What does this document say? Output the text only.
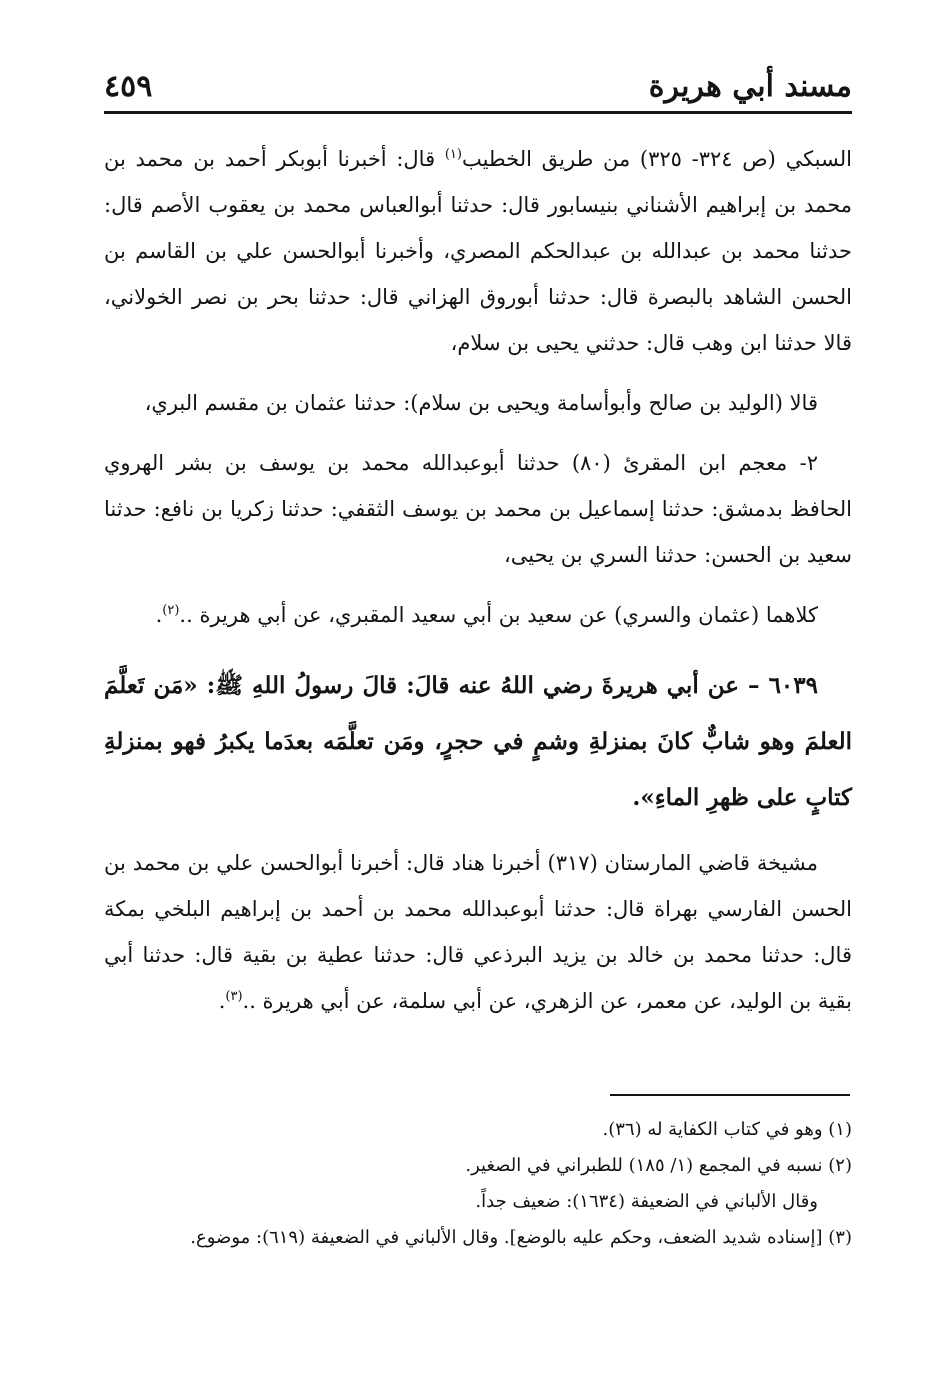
مسند أبي هريرة
٤٥٩

السبكي (ص ٣٢٤- ٣٢٥) من طريق الخطيب$^{(١)}$ قال: أخبرنا أبوبكر أحمد بن محمد بن محمد بن إبراهيم الأشناني بنيسابور قال: حدثنا أبوالعباس محمد بن يعقوب الأصم قال: حدثنا محمد بن عبدالله بن عبدالحكم المصري، وأخبرنا أبوالحسن علي بن القاسم بن الحسن الشاهد بالبصرة قال: حدثنا أبوروق الهزاني قال: حدثنا بحر بن نصر الخولاني، قالا حدثنا ابن وهب قال: حدثني يحيى بن سلام،

قالا (الوليد بن صالح وأبوأسامة ويحيى بن سلام): حدثنا عثمان بن مقسم البري،

٢- معجم ابن المقرئ (٨٠) حدثنا أبوعبدالله محمد بن يوسف بن بشر الهروي الحافظ بدمشق: حدثنا إسماعيل بن محمد بن يوسف الثقفي: حدثنا زكريا بن نافع: حدثنا سعيد بن الحسن: حدثنا السري بن يحيى،

كلاهما (عثمان والسري) عن سعيد بن أبي سعيد المقبري، عن أبي هريرة ..$^{(٢)}$.

٦٠٣٩ – عن أبي هريرةَ رضي اللهُ عنه قالَ: قالَ رسولُ اللهِ ﷺ: «مَن تَعلَّمَ العلمَ وهو شابٌّ كانَ بمنزلةِ وشمٍ في حجرٍ، ومَن تعلَّمَه بعدَما يكبرُ فهو بمنزلةِ كتابٍ على ظهرِ الماءِ».

مشيخة قاضي المارستان (٣١٧) أخبرنا هناد قال: أخبرنا أبوالحسن علي بن محمد بن الحسن الفارسي بهراة قال: حدثنا أبوعبدالله محمد بن أحمد بن إبراهيم البلخي بمكة قال: حدثنا محمد بن خالد بن يزيد البرذعي قال: حدثنا عطية بن بقية قال: حدثنا أبي بقية بن الوليد، عن معمر، عن الزهري، عن أبي سلمة، عن أبي هريرة ..$^{(٣)}$.

(١) وهو في كتاب الكفاية له (٣٦).

(٢) نسبه في المجمع (١/ ١٨٥) للطبراني في الصغير.

وقال الألباني في الضعيفة (١٦٣٤): ضعيف جداً.

(٣) [إسناده شديد الضعف، وحكم عليه بالوضع]. وقال الألباني في الضعيفة (٦١٩): موضوع.
